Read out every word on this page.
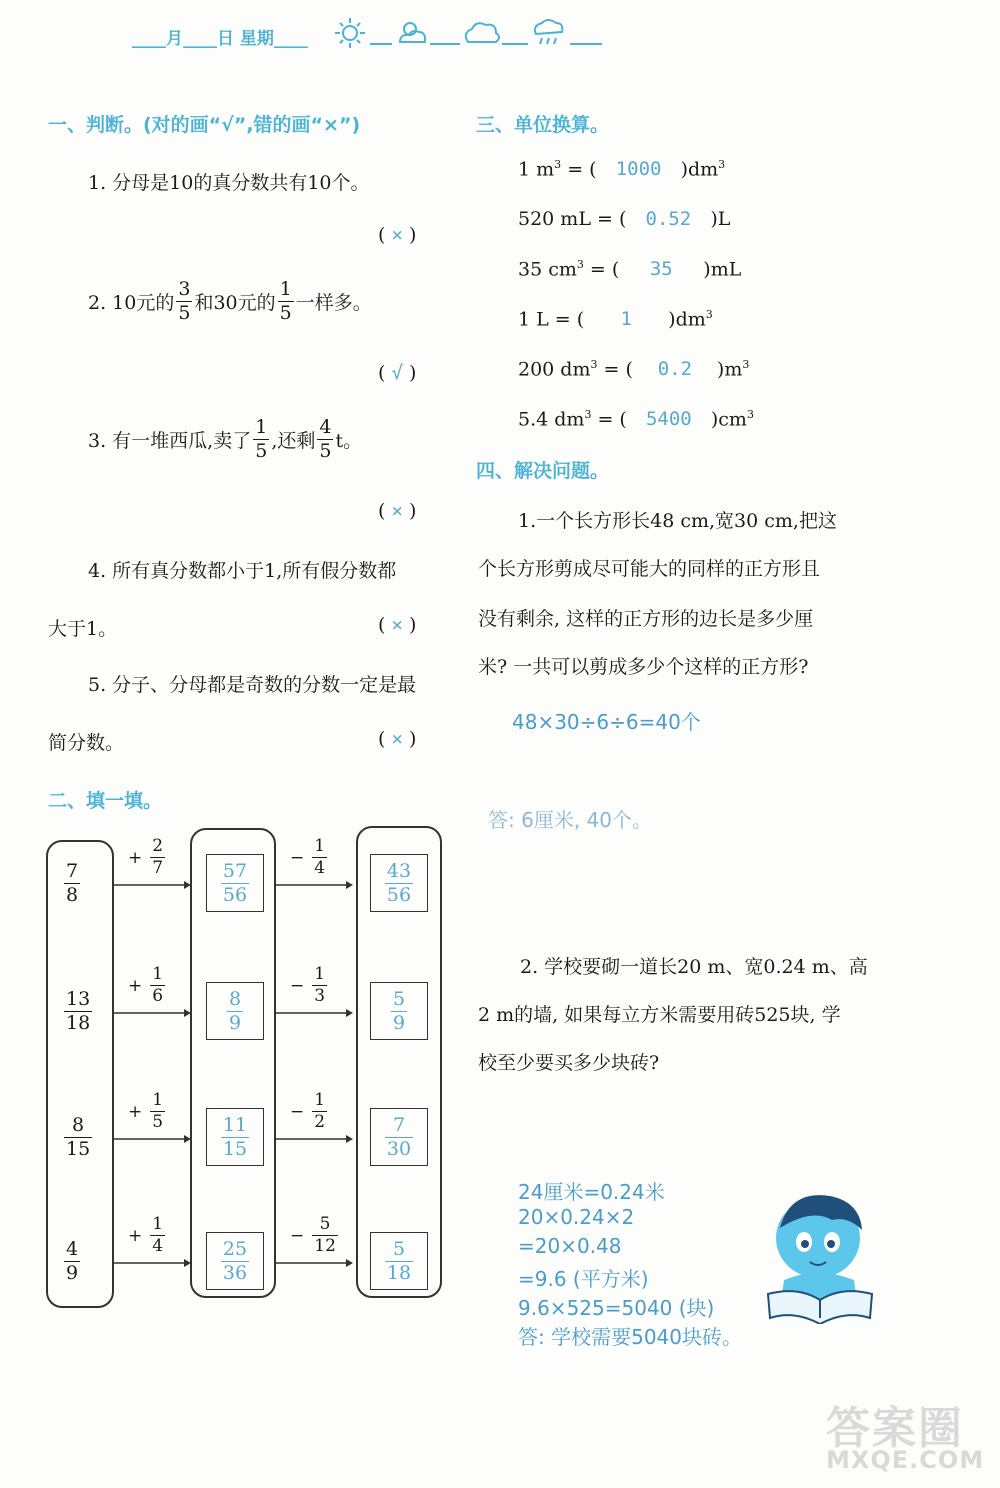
____月____日 星期____
一、判断。(对的画“√”,错的画“×”)
1. 分母是10的真分数共有10个。
( × )
2. 10元的 $\frac{3}{5}$ 和30元的 $\frac{1}{5}$ 一样多。
( √ )
3. 有一堆西瓜,卖了 $\frac{1}{5}$ ,还剩 $\frac{4}{5}$ t。
( × )
4. 所有真分数都小于1,所有假分数都
大于1。	( × )
5. 分子、分母都是奇数的分数一定是最
简分数。	( × )
二、填一填。
$\frac{7}{8}$
+ $\frac{2}{7}$
$\frac{57}{56}$
− $\frac{1}{4}$
$\frac{43}{56}$
$\frac{13}{18}$
+ $\frac{1}{6}$
$\frac{8}{9}$
− $\frac{1}{3}$
$\frac{5}{9}$
$\frac{8}{15}$
+ $\frac{1}{5}$
$\frac{11}{15}$
− $\frac{1}{2}$
$\frac{7}{30}$
$\frac{4}{9}$
+ $\frac{1}{4}$
$\frac{25}{36}$
− $\frac{5}{12}$
$\frac{5}{18}$
三、单位换算。
1 $m^3$ = ( 1000 )$dm^3$
520 mL = ( 0.52 )L
35 $cm^3$ = ( 35 )mL
1 L = ( 1 )$dm^3$
200 $dm^3$ = ( 0.2 )$m^3$
5.4 $dm^3$ = ( 5400 )$cm^3$
四、解决问题。
1.一个长方形长48 cm,宽30 cm,把这
个长方形剪成尽可能大的同样的正方形且
没有剩余, 这样的正方形的边长是多少厘
米? 一共可以剪成多少个这样的正方形?
48×30÷6÷6=40个
答: 6厘米, 40个。
2. 学校要砌一道长20 m、宽0.24 m、高
2 m的墙, 如果每立方米需要用砖525块, 学
校至少要买多少块砖?
24厘米=0.24米
20×0.24×2
=20×0.48
=9.6 (平方米)
9.6×525=5040 (块)
答: 学校需要5040块砖。
答案圈
MXQE.COM
